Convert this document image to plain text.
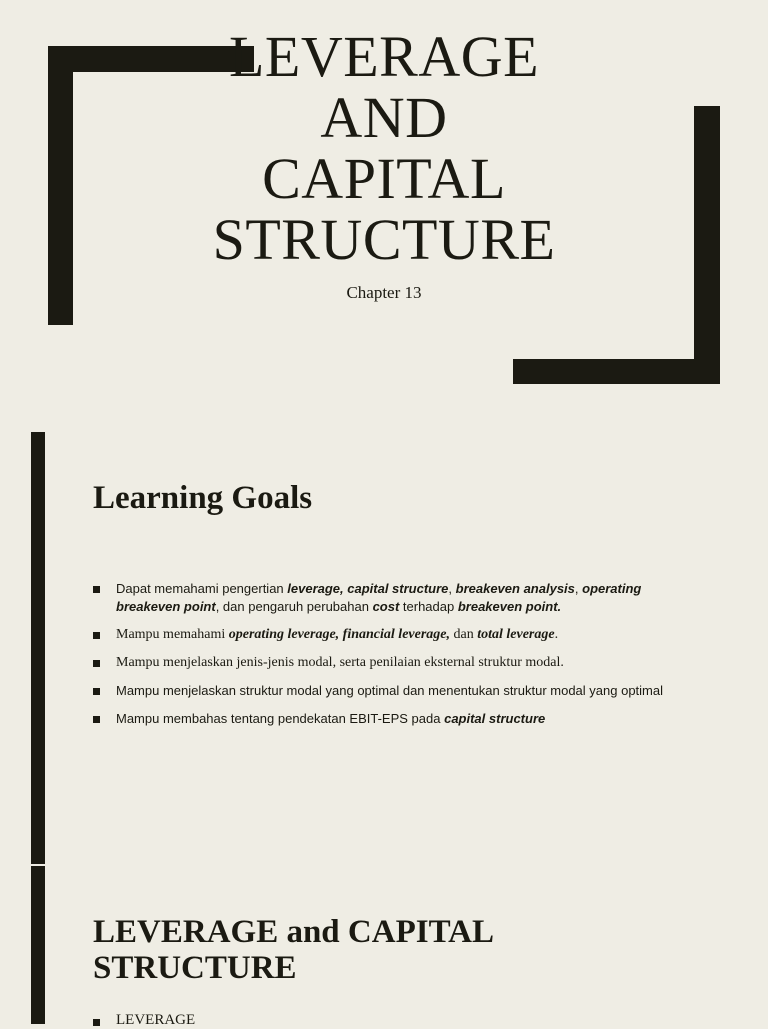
LEVERAGE
AND
CAPITAL
STRUCTURE
Chapter 13
Learning Goals
Dapat memahami pengertian leverage, capital structure, breakeven analysis, operating breakeven point, dan pengaruh perubahan cost terhadap breakeven point.
Mampu memahami operating leverage, financial leverage, dan total leverage.
Mampu menjelaskan jenis-jenis modal, serta penilaian eksternal struktur modal.
Mampu menjelaskan struktur modal yang optimal dan menentukan struktur modal yang optimal
Mampu membahas tentang pendekatan EBIT-EPS pada capital structure
LEVERAGE and CAPITAL STRUCTURE
LEVERAGE
